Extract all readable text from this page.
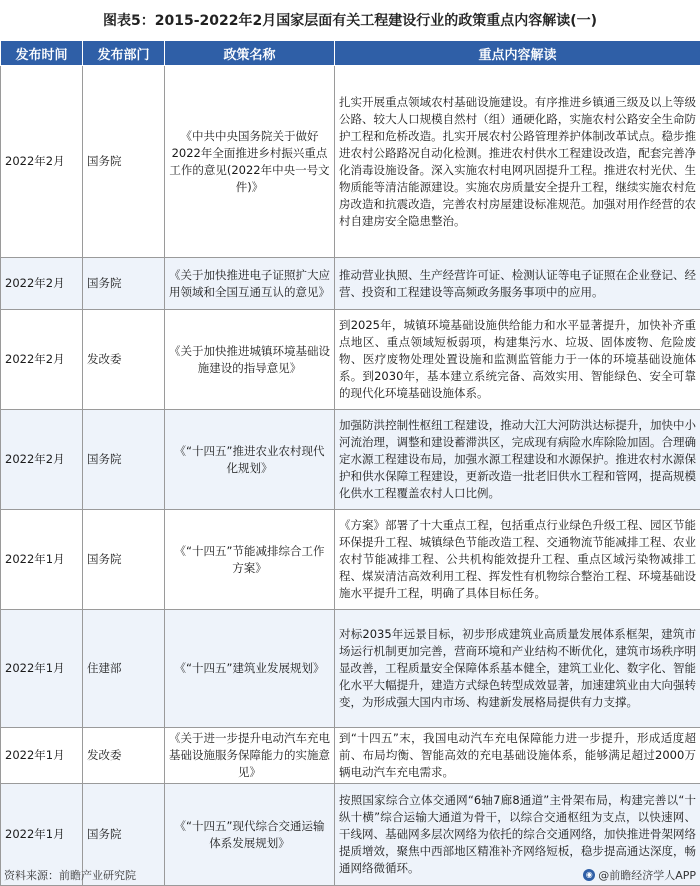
图表5：2015-2022年2月国家层面有关工程建设行业的政策重点内容解读(一)
发布时间	发布部门	政策名称	重点内容解读
2022年2月	国务院	《中共中央国务院关于做好2022年全面推进乡村振兴重点工作的意见(2022年中央一号文件)》	扎实开展重点领域农村基础设施建设。有序推进乡镇通三级及以上等级公路、较大人口规模自然村（组）通硬化路，实施农村公路安全生命防护工程和危桥改造。扎实开展农村公路管理养护体制改革试点。稳步推进农村公路路况自动化检测。推进农村供水工程建设改造，配套完善净化消毒设施设备。深入实施农村电网巩固提升工程。推进农村光伏、生物质能等清洁能源建设。实施农房质量安全提升工程，继续实施农村危房改造和抗震改造，完善农村房屋建设标准规范。加强对用作经营的农村自建房安全隐患整治。
2022年2月	国务院	《关于加快推进电子证照扩大应用领域和全国互通互认的意见》	推动营业执照、生产经营许可证、检测认证等电子证照在企业登记、经营、投资和工程建设等高频政务服务事项中的应用。
2022年2月	发改委	《关于加快推进城镇环境基础设施建设的指导意见》	到2025年，城镇环境基础设施供给能力和水平显著提升，加快补齐重点地区、重点领域短板弱项，构建集污水、垃圾、固体废物、危险废物、医疗废物处理处置设施和监测监管能力于一体的环境基础设施体系。到2030年，基本建立系统完备、高效实用、智能绿色、安全可靠的现代化环境基础设施体系。
2022年2月	国务院	《“十四五”推进农业农村现代化规划》	加强防洪控制性枢纽工程建设，推动大江大河防洪达标提升，加快中小河流治理，调整和建设蓄滞洪区，完成现有病险水库除险加固。合理确定水源工程建设布局，加强水源工程建设和水源保护。推进农村水源保护和供水保障工程建设，更新改造一批老旧供水工程和管网，提高规模化供水工程覆盖农村人口比例。
2022年1月	国务院	《“十四五”节能减排综合工作方案》	《方案》部署了十大重点工程，包括重点行业绿色升级工程、园区节能环保提升工程、城镇绿色节能改造工程、交通物流节能减排工程、农业农村节能减排工程、公共机构能效提升工程、重点区域污染物减排工程、煤炭清洁高效利用工程、挥发性有机物综合整治工程、环境基础设施水平提升工程，明确了具体目标任务。
2022年1月	住建部	《“十四五”建筑业发展规划》	对标2035年远景目标，初步形成建筑业高质量发展体系框架，建筑市场运行机制更加完善，营商环境和产业结构不断优化，建筑市场秩序明显改善，工程质量安全保障体系基本健全，建筑工业化、数字化、智能化水平大幅提升，建造方式绿色转型成效显著，加速建筑业由大向强转变，为形成强大国内市场、构建新发展格局提供有力支撑。
2022年1月	发改委	《关于进一步提升电动汽车充电基础设施服务保障能力的实施意见》	到“十四五”末，我国电动汽车充电保障能力进一步提升，形成适度超前、布局均衡、智能高效的充电基础设施体系，能够满足超过2000万辆电动汽车充电需求。
2022年1月	国务院	《“十四五”现代综合交通运输体系发展规划》	按照国家综合立体交通网“6轴7廊8通道”主骨架布局，构建完善以“十纵十横”综合运输大通道为骨干，以综合交通枢纽为支点，以快速网、干线网、基础网多层次网络为依托的综合交通网络，加快推进骨架网络提质增效，聚焦中西部地区精准补齐网络短板，稳步提高通达深度，畅通网络微循环。
资料来源：前瞻产业研究院	◉ @前瞻经济学人APP
